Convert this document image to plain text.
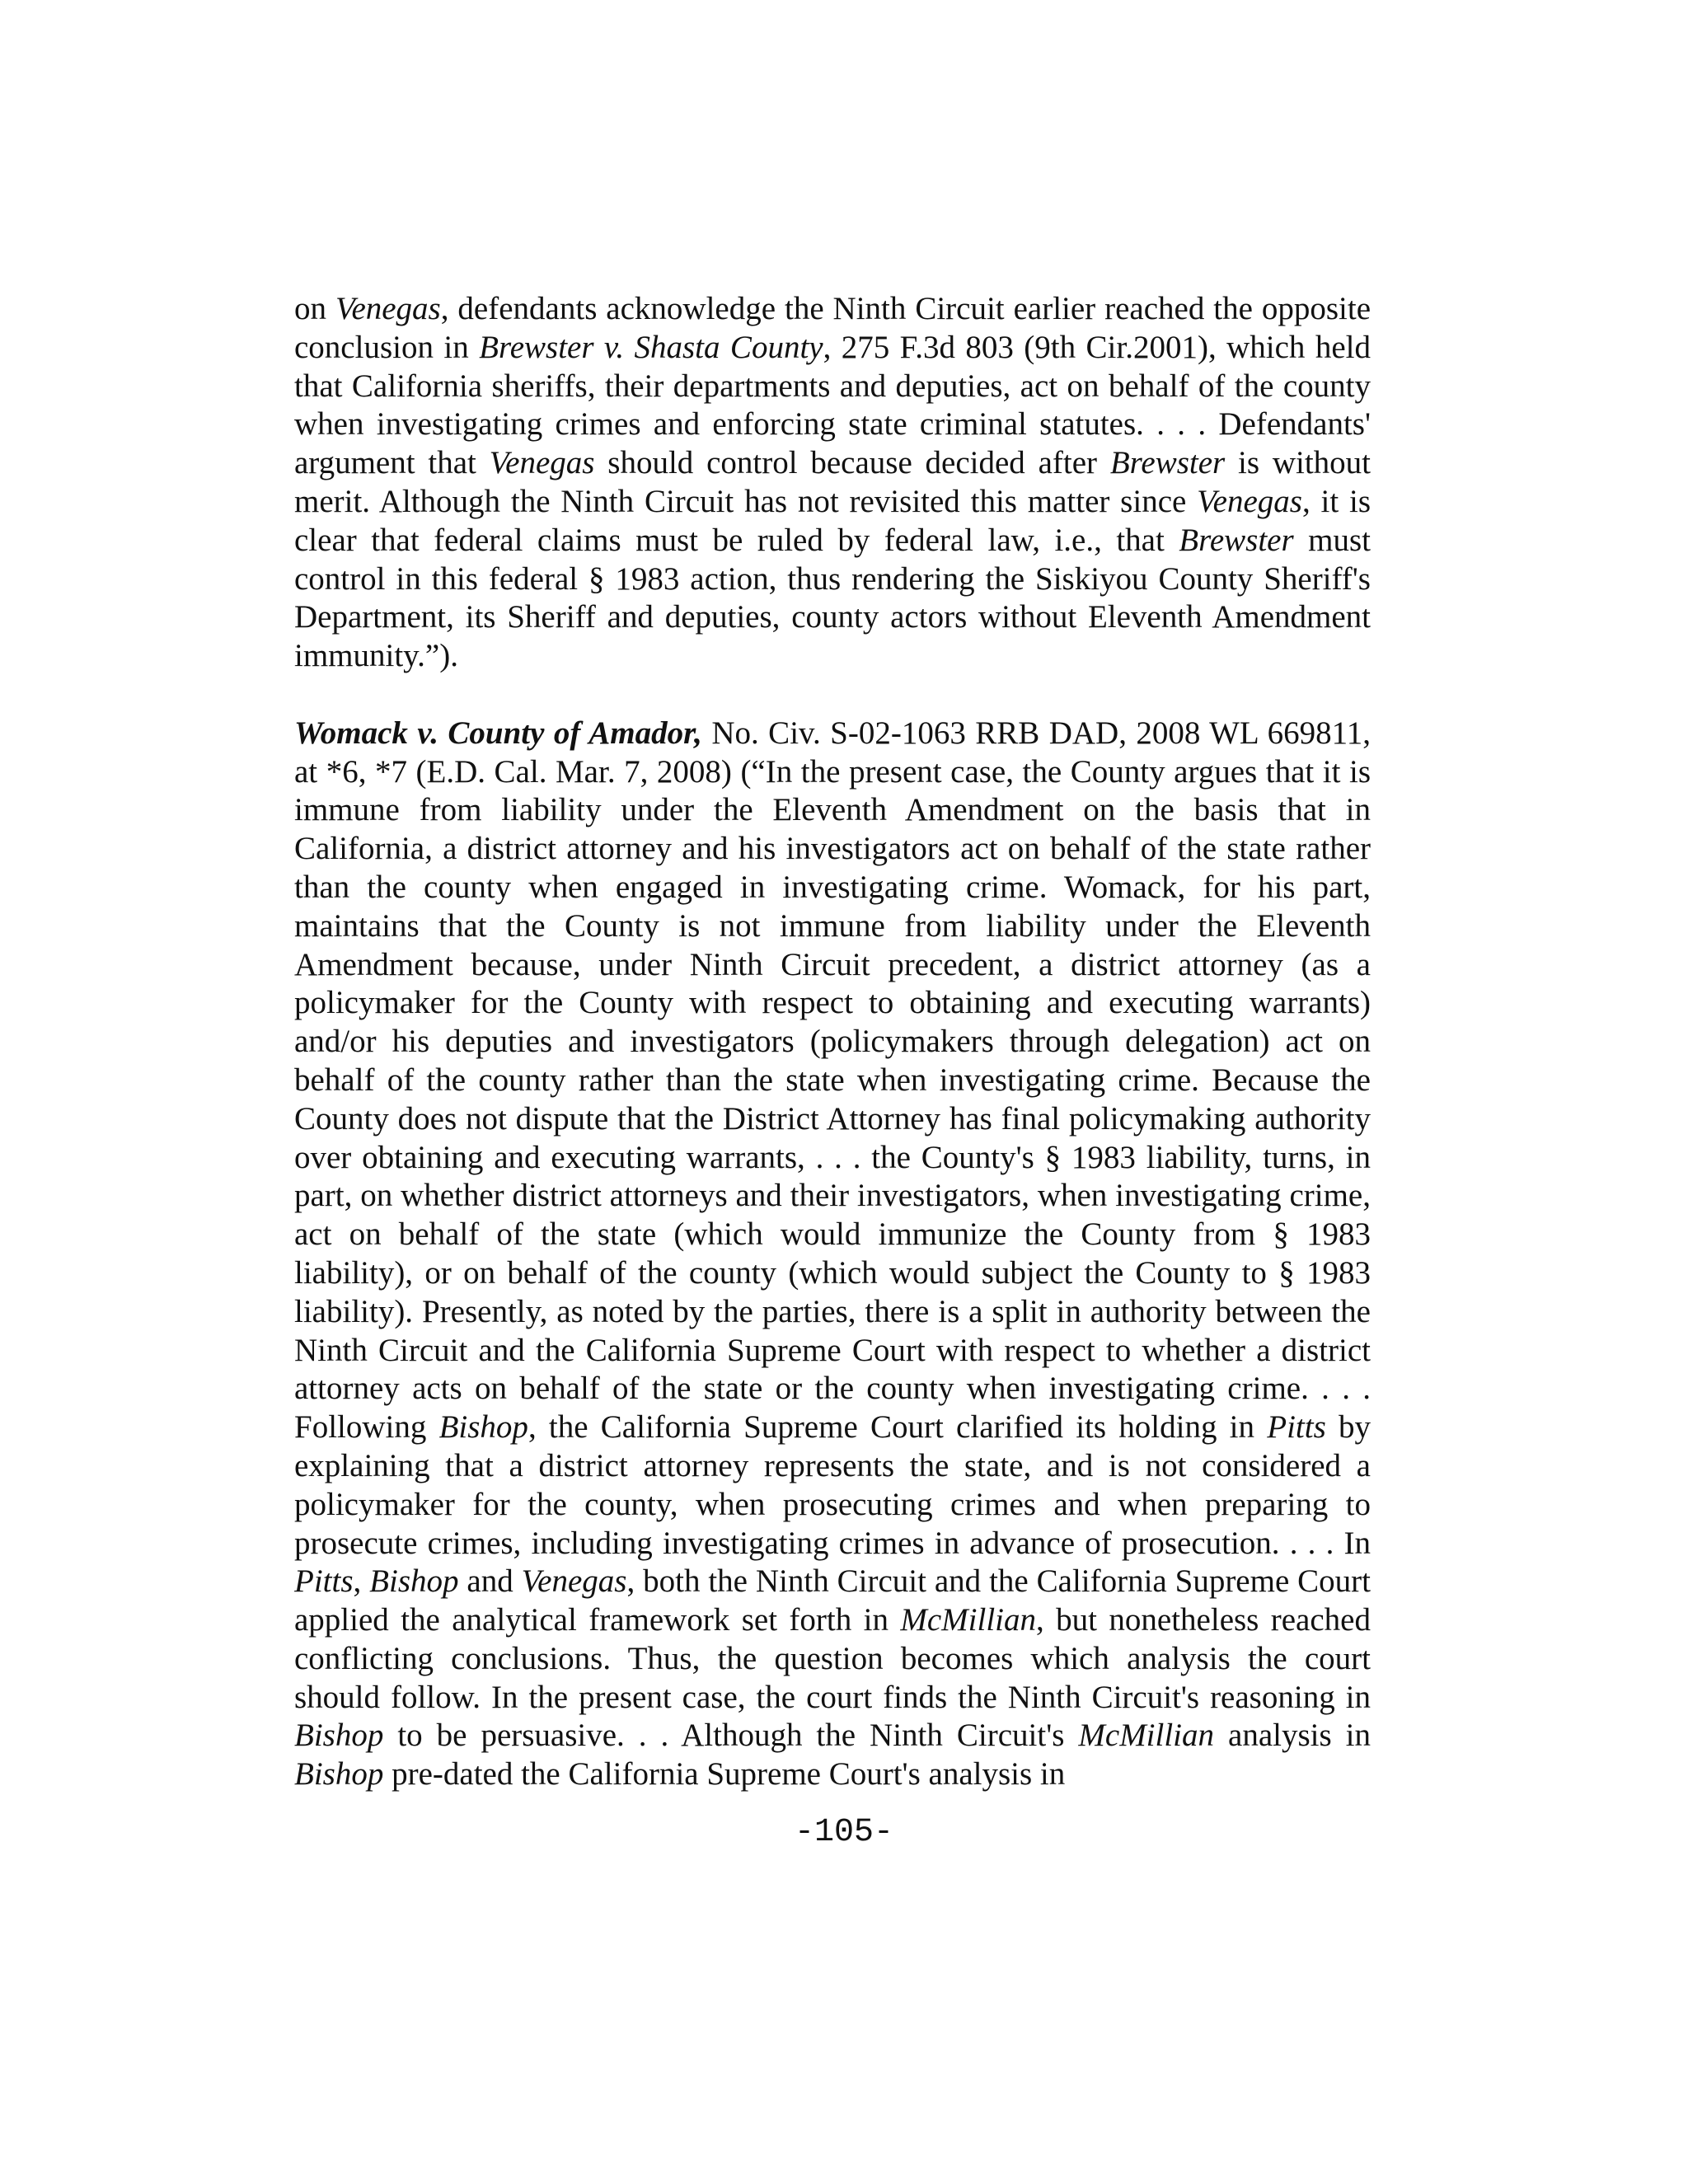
on Venegas, defendants acknowledge the Ninth Circuit earlier reached the opposite conclusion in Brewster v. Shasta County, 275 F.3d 803 (9th Cir.2001), which held that California sheriffs, their departments and deputies, act on behalf of the county when investigating crimes and enforcing state criminal statutes. . . . Defendants' argument that Venegas should control because decided after Brewster is without merit. Although the Ninth Circuit has not revisited this matter since Venegas, it is clear that federal claims must be ruled by federal law, i.e., that Brewster must control in this federal § 1983 action, thus rendering the Siskiyou County Sheriff's Department, its Sheriff and deputies, county actors without Eleventh Amendment immunity.”).

Womack v. County of Amador, No. Civ. S-02-1063 RRB DAD, 2008 WL 669811, at *6, *7 (E.D. Cal. Mar. 7, 2008) (“In the present case, the County argues that it is immune from liability under the Eleventh Amendment on the basis that in California, a district attorney and his investigators act on behalf of the state rather than the county when engaged in investigating crime. Womack, for his part, maintains that the County is not immune from liability under the Eleventh Amendment because, under Ninth Circuit precedent, a district attorney (as a policymaker for the County with respect to obtaining and executing warrants) and/or his deputies and investigators (policymakers through delegation) act on behalf of the county rather than the state when investigating crime. Because the County does not dispute that the District Attorney has final policymaking authority over obtaining and executing warrants, . . . the County's § 1983 liability, turns, in part, on whether district attorneys and their investigators, when investigating crime, act on behalf of the state (which would immunize the County from § 1983 liability), or on behalf of the county (which would subject the County to § 1983 liability). Presently, as noted by the parties, there is a split in authority between the Ninth Circuit and the California Supreme Court with respect to whether a district attorney acts on behalf of the state or the county when investigating crime. . . . Following Bishop, the California Supreme Court clarified its holding in Pitts by explaining that a district attorney represents the state, and is not considered a policymaker for the county, when prosecuting crimes and when preparing to prosecute crimes, including investigating crimes in advance of prosecution. . . . In Pitts, Bishop and Venegas, both the Ninth Circuit and the California Supreme Court applied the analytical framework set forth in McMillian, but nonetheless reached conflicting conclusions. Thus, the question becomes which analysis the court should follow. In the present case, the court finds the Ninth Circuit's reasoning in Bishop to be persuasive. . . Although the Ninth Circuit's McMillian analysis in Bishop pre-dated the California Supreme Court's analysis in

-105-
